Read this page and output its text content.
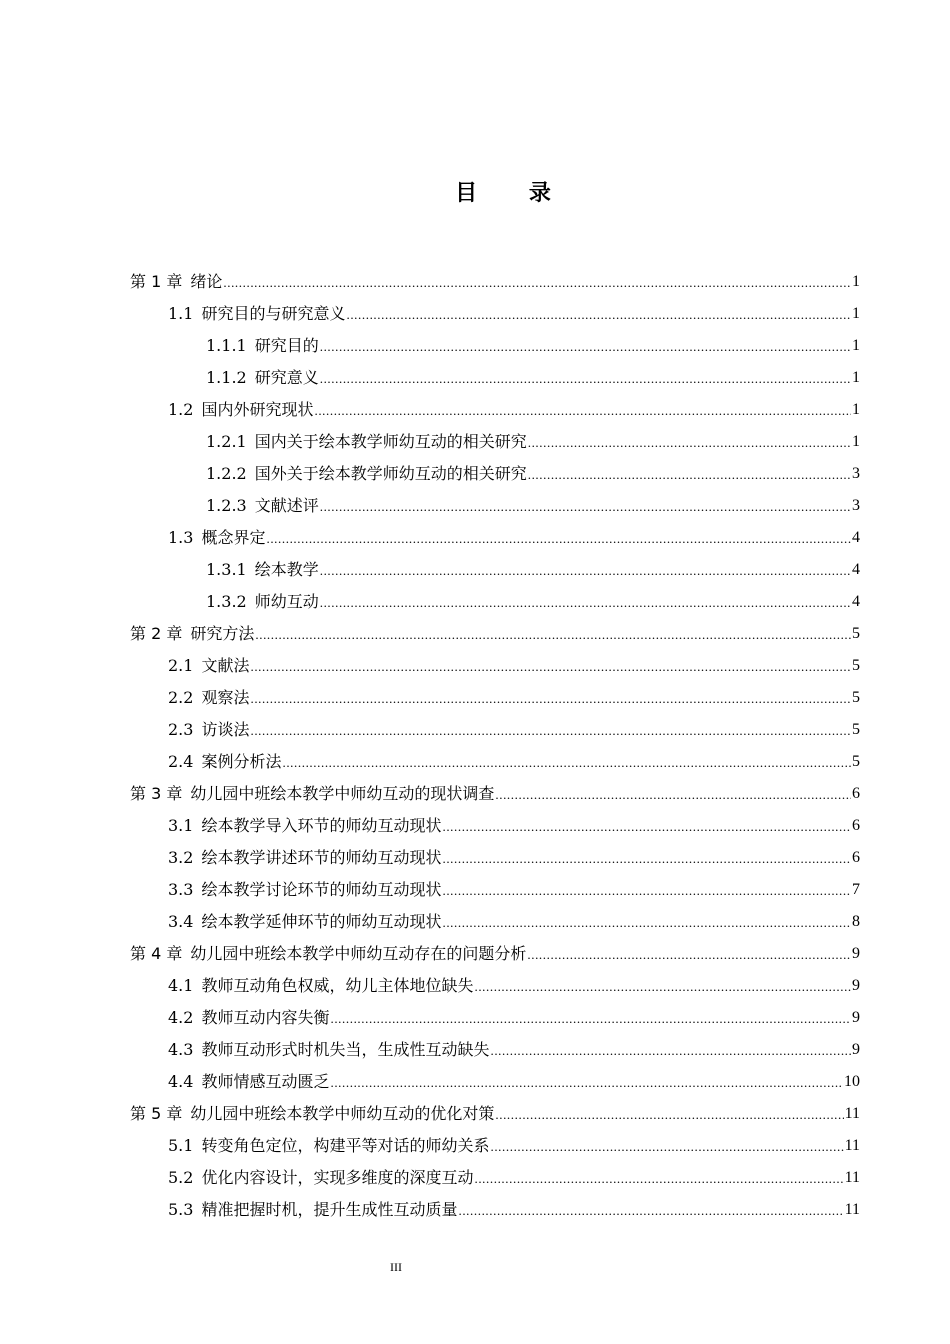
目 录
第 1 章 绪论 .....	1
1.1 研究目的与研究意义 .....	1
1.1.1 研究目的 .....	1
1.1.2 研究意义 .....	1
1.2 国内外研究现状 .....	1
1.2.1 国内关于绘本教学师幼互动的相关研究 .....	1
1.2.2 国外关于绘本教学师幼互动的相关研究 .....	3
1.2.3 文献述评 .....	3
1.3 概念界定 .....	4
1.3.1 绘本教学 .....	4
1.3.2 师幼互动 .....	4
第 2 章 研究方法 .....	5
2.1 文献法 .....	5
2.2 观察法 .....	5
2.3 访谈法 .....	5
2.4 案例分析法 .....	5
第 3 章 幼儿园中班绘本教学中师幼互动的现状调查 .....	6
3.1 绘本教学导入环节的师幼互动现状 .....	6
3.2 绘本教学讲述环节的师幼互动现状 .....	6
3.3 绘本教学讨论环节的师幼互动现状 .....	7
3.4 绘本教学延伸环节的师幼互动现状 .....	8
第 4 章 幼儿园中班绘本教学中师幼互动存在的问题分析 .....	9
4.1 教师互动角色权威，幼儿主体地位缺失 .....	9
4.2 教师互动内容失衡 .....	9
4.3 教师互动形式时机失当，生成性互动缺失 .....	9
4.4 教师情感互动匮乏 .....	10
第 5 章 幼儿园中班绘本教学中师幼互动的优化对策 .....	11
5.1 转变角色定位，构建平等对话的师幼关系 .....	11
5.2 优化内容设计，实现多维度的深度互动 .....	11
5.3 精准把握时机，提升生成性互动质量 .....	11
III
